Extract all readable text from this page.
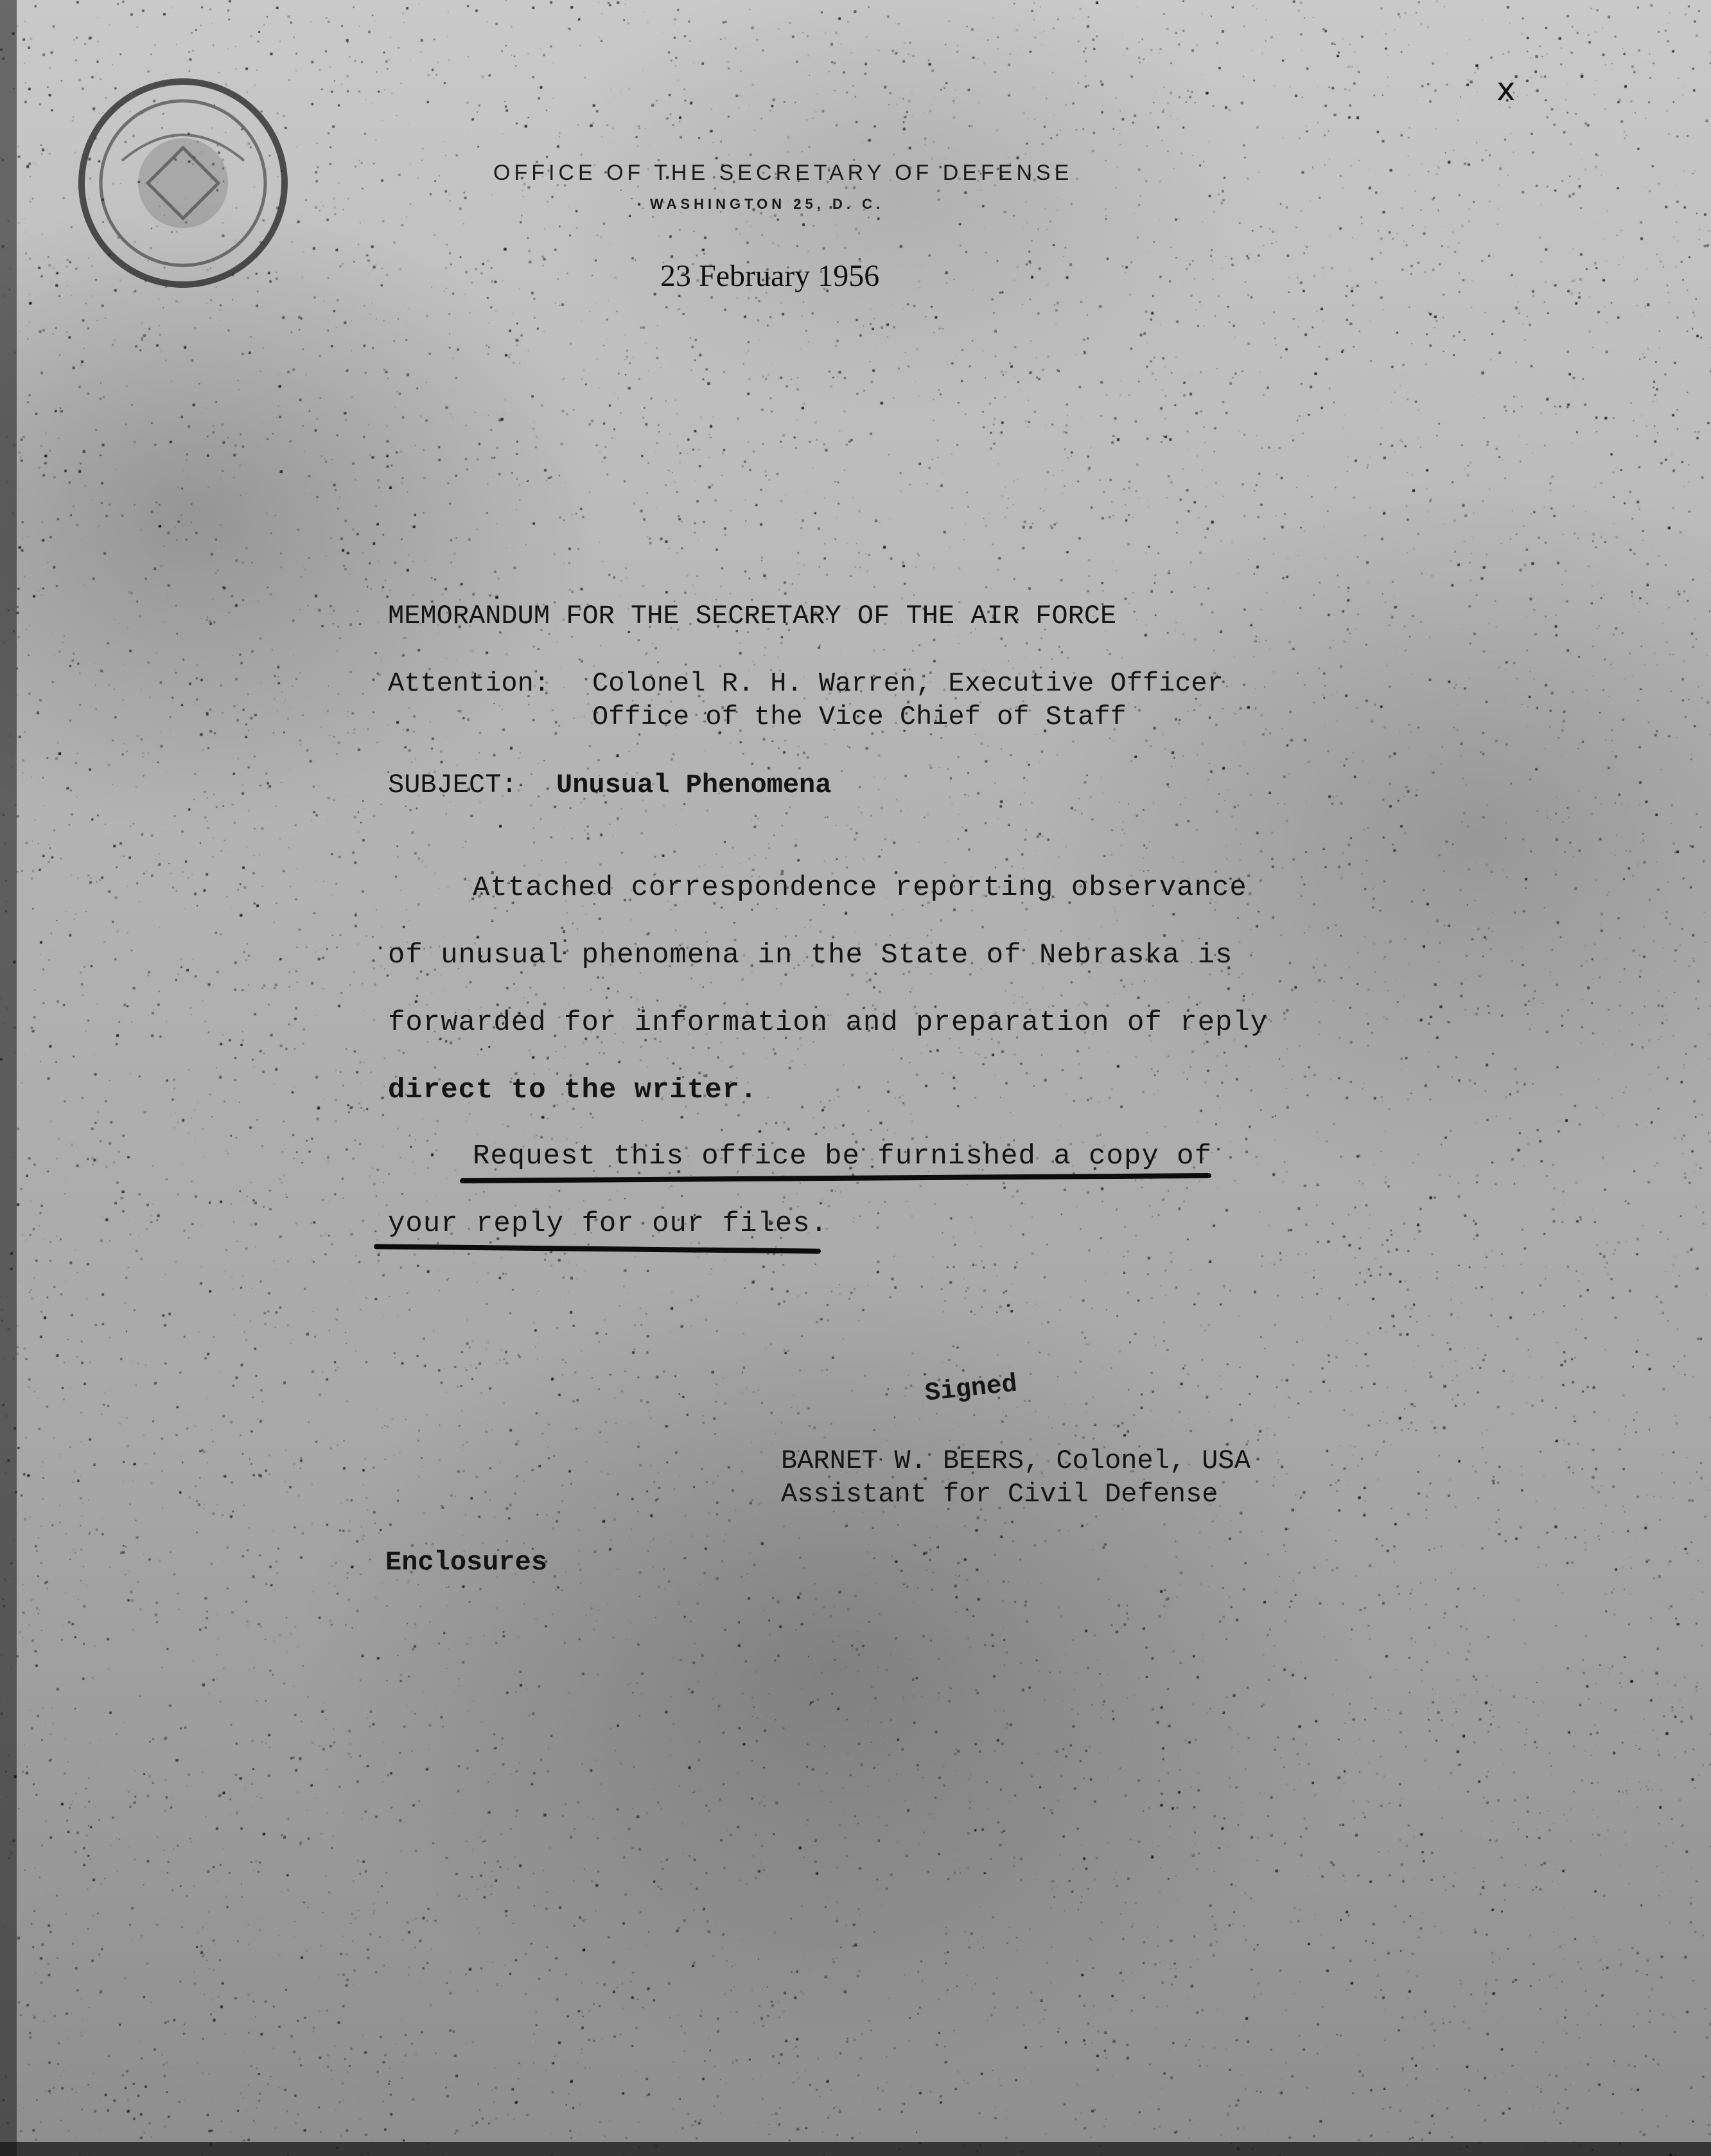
OFFICE OF THE SECRETARY OF DEFENSE
WASHINGTON 25, D. C.
23 February 1956
x
MEMORANDUM FOR THE SECRETARY OF THE AIR FORCE
Attention: Colonel R. H. Warren, Executive Officer
Office of the Vice Chief of Staff
SUBJECT: Unusual Phenomena
Attached correspondence reporting observance
of unusual phenomena in the State of Nebraska is
forwarded for information and preparation of reply
direct to the writer.
Request this office be furnished a copy of
your reply for our files.
Signed
BARNET W. BEERS, Colonel, USA
Assistant for Civil Defense
Enclosures
